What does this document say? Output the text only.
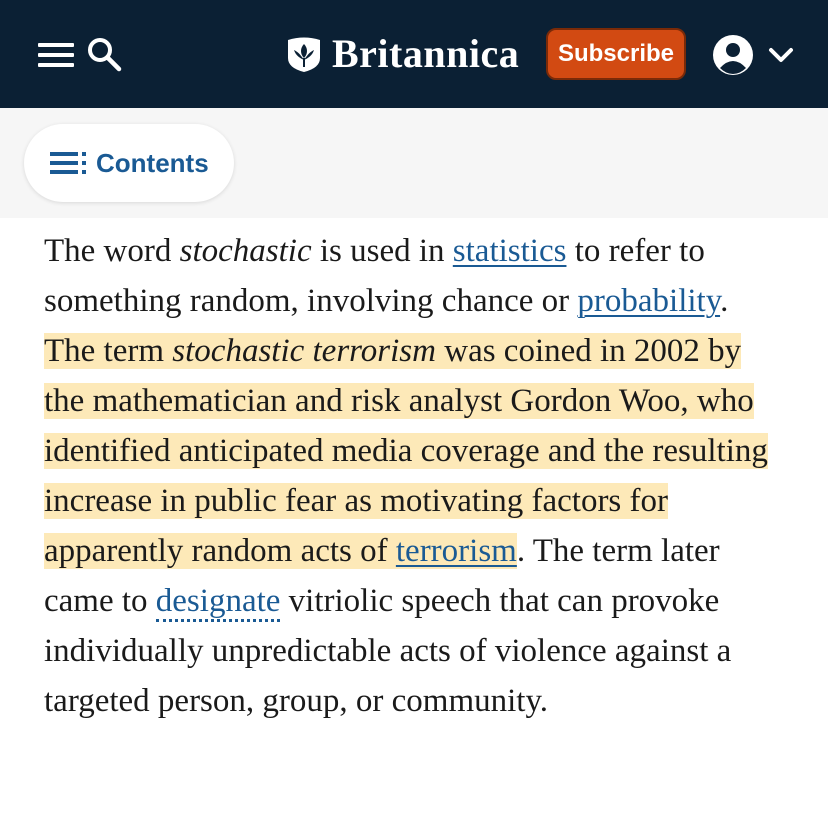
Britannica	Subscribe
Contents

The word stochastic is used in statistics to refer to something random, involving chance or probability. The term stochastic terrorism was coined in 2002 by the mathematician and risk analyst Gordon Woo, who identified anticipated media coverage and the resulting increase in public fear as motivating factors for apparently random acts of terrorism. The term later came to designate vitriolic speech that can provoke individually unpredictable acts of violence against a targeted person, group, or community.
